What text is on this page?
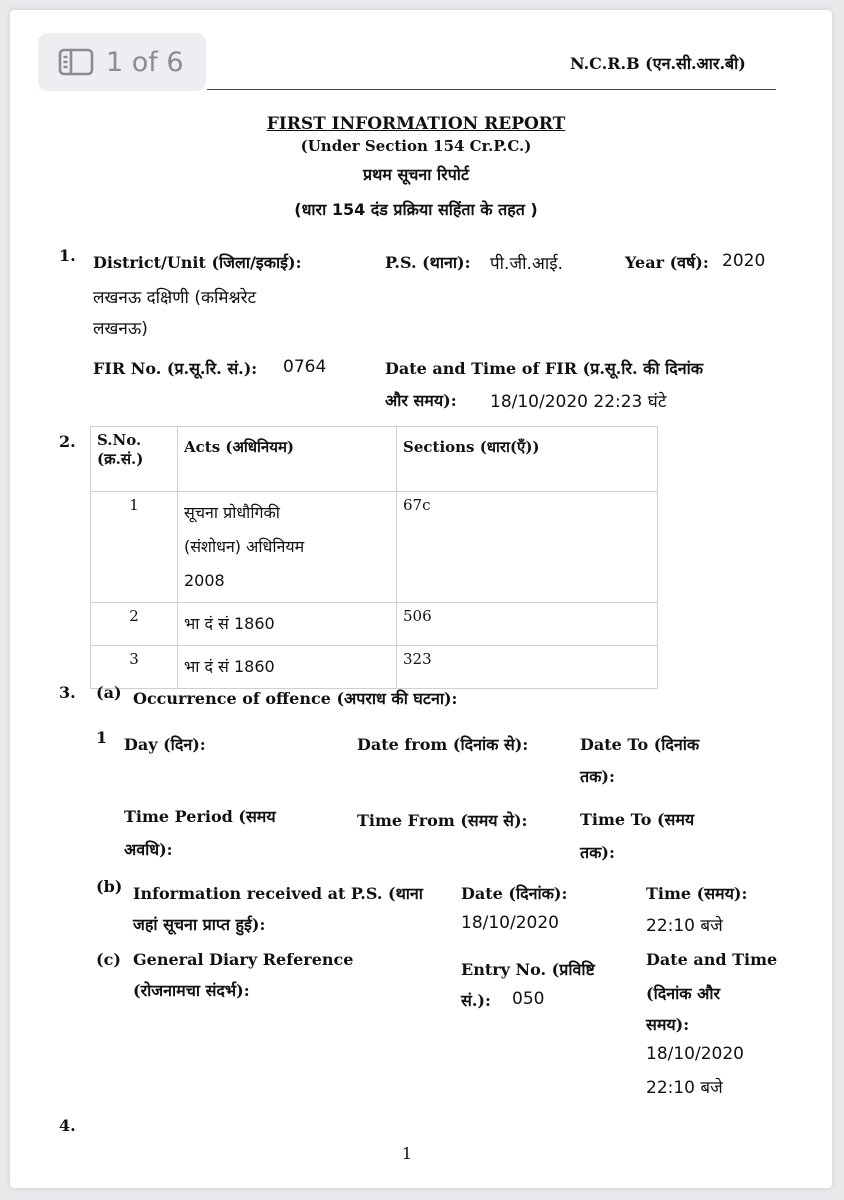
1 of 6	N.C.R.B (एन.सी.आर.बी)
FIRST INFORMATION REPORT
(Under Section 154 Cr.P.C.)
प्रथम सूचना रिपोर्ट
(धारा 154 दंड प्रक्रिया सहिंता के तहत )
1. District/Unit (जिला/इकाई):
लखनऊ दक्षिणी (कमिश्नरेट
लखनऊ)
P.S. (थाना): पी.जी.आई.	Year (वर्ष): 2020
FIR No. (प्र.सू.रि. सं.): 0764	Date and Time of FIR (प्र.सू.रि. की दिनांक
और समय): 18/10/2020 22:23 घंटे
2. S.No.
(क्र.सं.)	Acts (अधिनियम)	Sections (धारा(एँ))
1	सूचना प्रोधौगिकी
(संशोधन) अधिनियम
2008	67c
2	भा दं सं 1860	506
3	भा दं सं 1860	323
3. (a) Occurrence of offence (अपराध की घटना):
1 Day (दिन):	Date from (दिनांक से):	Date To (दिनांक
तक):
Time Period (समय
अवधि):
Time From (समय से):	Time To (समय
तक):
(b) Information received at P.S. (थाना
जहां सूचना प्राप्त हुई):
Date (दिनांक):
18/10/2020
Time (समय):
22:10 बजे
(c) General Diary Reference
(रोजनामचा संदर्भ):
Entry No. (प्रविष्टि
सं.): 050
Date and Time
(दिनांक और
समय):
18/10/2020
22:10 बजे
4.
1
